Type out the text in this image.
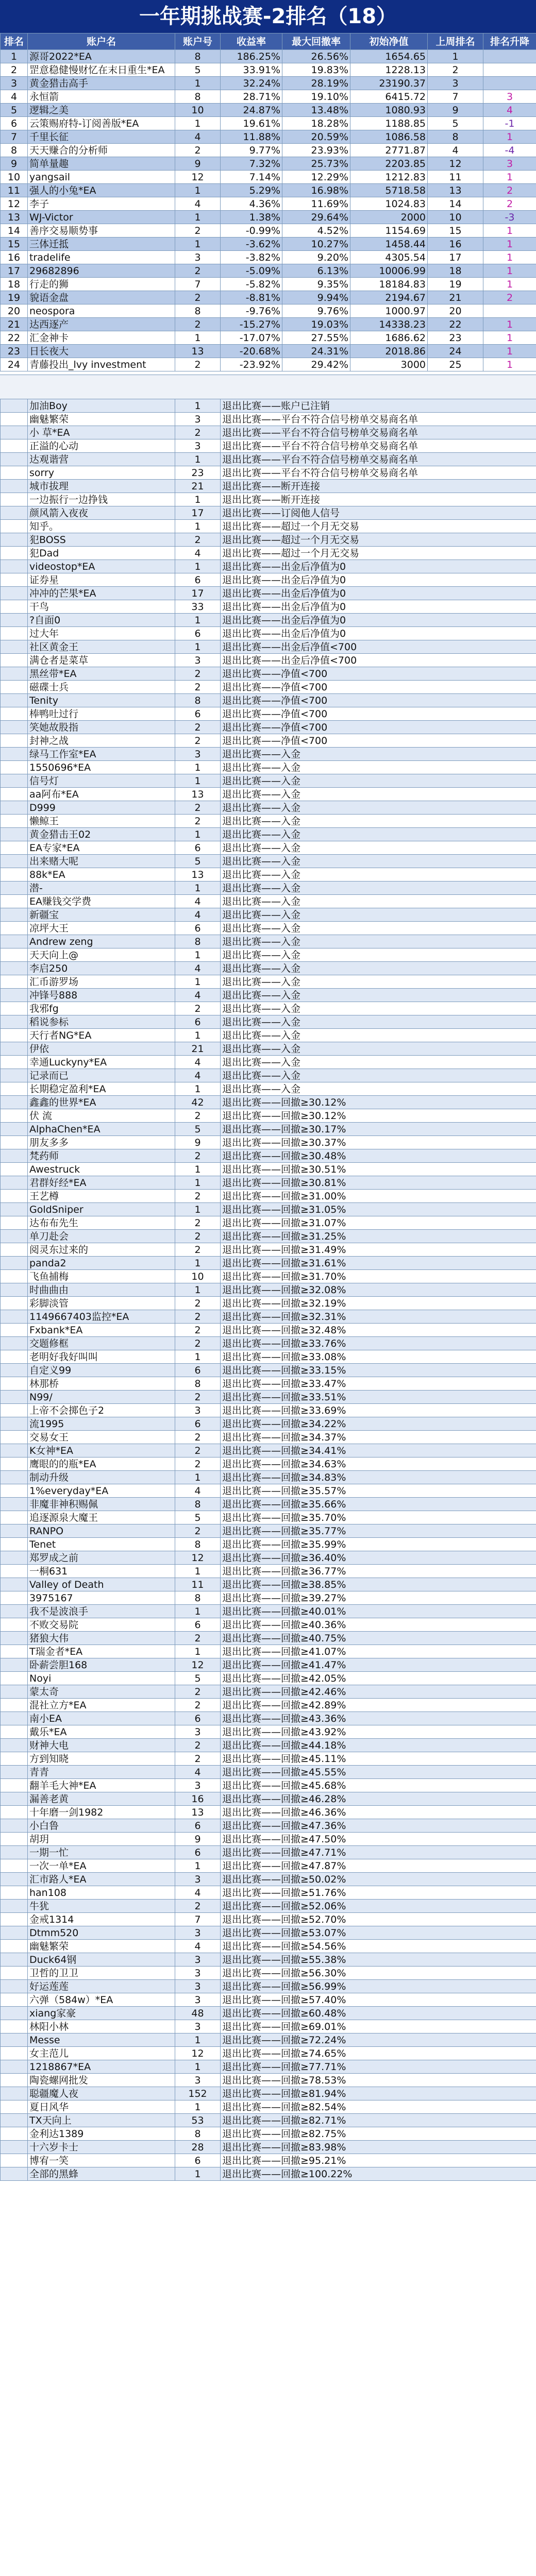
一年期挑战赛-2排名（18）
排名	账户名	账户号	收益率	最大回撤率	初始净值	上周排名	排名升降
1	源哥2022*EA	8	186.25%	26.56%	1654.65	1	
2	罡意稳健慢财忆在末日重生*EA	5	33.91%	19.83%	1228.13	2	
3	黄金猎击高手	1	32.24%	28.19%	23190.37	3	
4	永恒箭	8	28.71%	19.10%	6415.72	7	3
5	逻辑之美	10	24.87%	13.48%	1080.93	9	4
6	云策赐府特-订阅善版*EA	1	19.61%	18.28%	1188.85	5	-1
7	千里长征	4	11.88%	20.59%	1086.58	8	1
8	天天赚合的分析师	2	9.77%	23.93%	2771.87	4	-4
9	简单量趣	9	7.32%	25.73%	2203.85	12	3
10	yangsail	12	7.14%	12.29%	1212.83	11	1
11	强人的小兔*EA	1	5.29%	16.98%	5718.58	13	2
12	李子	4	4.36%	11.69%	1024.83	14	2
13	WJ-Victor	1	1.38%	29.64%	2000	10	-3
14	善序交易顺势事	2	-0.99%	4.52%	1154.69	15	1
15	三体迁抵	1	-3.62%	10.27%	1458.44	16	1
16	tradelife	3	-3.82%	9.20%	4305.54	17	1
17	29682896	2	-5.09%	6.13%	10006.99	18	1
18	行走的狮	7	-5.82%	9.35%	18184.83	19	1
19	貌语金盘	2	-8.81%	9.94%	2194.67	21	2
20	neospora	8	-9.76%	9.76%	1000.97	20	
21	达西逐产	2	-15.27%	19.03%	14338.23	22	1
22	汇金神卡	1	-17.07%	27.55%	1686.62	23	1
23	日长夜大	13	-20.68%	24.31%	2018.86	24	1
24	青藤投出_lvy investment	2	-23.92%	29.42%	3000	25	1
	加油Boy	1	退出比赛——账户已注销
	幽魅繁荣	3	退出比赛——平台不符合信号榜单交易商名单
	小 草*EA	2	退出比赛——平台不符合信号榜单交易商名单
	正溢的心动	3	退出比赛——平台不符合信号榜单交易商名单
	达观谐营	1	退出比赛——平台不符合信号榜单交易商名单
	sorry	23	退出比赛——平台不符合信号榜单交易商名单
	城市拔理	21	退出比赛——断开连接
	一边振行一边挣钱	1	退出比赛——断开连接
	颜风箭入夜夜	17	退出比赛——订阅他人信号
	知乎。	1	退出比赛——超过一个月无交易
	犯BOSS	2	退出比赛——超过一个月无交易
	犯Dad	4	退出比赛——超过一个月无交易
	videostop*EA	1	退出比赛——出金后净值为0
	证券星	6	退出比赛——出金后净值为0
	冲冲的芒果*EA	17	退出比赛——出金后净值为0
	干鸟	33	退出比赛——出金后净值为0
	?自面0	1	退出比赛——出金后净值为0
	过大年	6	退出比赛——出金后净值为0
	社区黄金王	1	退出比赛——出金后净值<700
	满仓者是菜草	3	退出比赛——出金后净值<700
	黑丝带*EA	2	退出比赛——净值<700
	磁碟士兵	2	退出比赛——净值<700
	Tenity	8	退出比赛——净值<700
	棒鸭吐过行	6	退出比赛——净值<700
	笑她故股指	2	退出比赛——净值<700
	封神之战	2	退出比赛——净值<700
	绿马工作室*EA	3	退出比赛——入金
	1550696*EA	1	退出比赛——入金
	信号灯	1	退出比赛——入金
	aa阿布*EA	13	退出比赛——入金
	D999	2	退出比赛——入金
	懒鲸王	2	退出比赛——入金
	黄金猎击王02	1	退出比赛——入金
	EA专家*EA	6	退出比赛——入金
	出来赌大呢	5	退出比赛——入金
	88k*EA	13	退出比赛——入金
	潜-	1	退出比赛——入金
	EA赚钱交学费	4	退出比赛——入金
	新疆宝	4	退出比赛——入金
	凉坪大王	6	退出比赛——入金
	Andrew zeng	8	退出比赛——入金
	天天向上@	1	退出比赛——入金
	李启250	4	退出比赛——入金
	汇币游罗场	1	退出比赛——入金
	冲锋号888	4	退出比赛——入金
	我邪fg	2	退出比赛——入金
	稻说参标	6	退出比赛——入金
	天行者NG*EA	1	退出比赛——入金
	伊依	21	退出比赛——入金
	幸通Luckyny*EA	4	退出比赛——入金
	记录而已	4	退出比赛——入金
	长期稳定盈利*EA	1	退出比赛——入金
	鑫鑫的世界*EA	42	退出比赛——回撤≥30.12%
	伏 流	2	退出比赛——回撤≥30.12%
	AlphaChen*EA	5	退出比赛——回撤≥30.17%
	朋友多多	9	退出比赛——回撤≥30.37%
	梵药师	2	退出比赛——回撤≥30.48%
	Awestruck	1	退出比赛——回撤≥30.51%
	君群好经*EA	1	退出比赛——回撤≥30.81%
	王艺樽	2	退出比赛——回撤≥31.00%
	GoldSniper	1	退出比赛——回撤≥31.05%
	达布布先生	2	退出比赛——回撤≥31.07%
	单刀赴会	2	退出比赛——回撤≥31.25%
	阅灵东过来的	2	退出比赛——回撤≥31.49%
	panda2	1	退出比赛——回撤≥31.61%
	飞鱼捕梅	10	退出比赛——回撤≥31.70%
	时曲曲由	1	退出比赛——回撤≥32.08%
	彩脚淡管	2	退出比赛——回撤≥32.19%
	1149667403监控*EA	2	退出比赛——回撤≥32.31%
	Fxbank*EA	2	退出比赛——回撤≥32.48%
	交题修框	2	退出比赛——回撤≥33.76%
	老明好我好叫叫	1	退出比赛——回撤≥33.08%
	自定义99	6	退出比赛——回撤≥33.15%
	林那桥	8	退出比赛——回撤≥33.47%
	N99/	2	退出比赛——回撤≥33.51%
	上帝不会掷色子2	3	退出比赛——回撤≥33.69%
	流1995	6	退出比赛——回撤≥34.22%
	交易女王	2	退出比赛——回撤≥34.37%
	K女神*EA	2	退出比赛——回撤≥34.41%
	鹰眼的的瓶*EA	2	退出比赛——回撤≥34.63%
	制动升级	1	退出比赛——回撤≥34.83%
	1%everyday*EA	4	退出比赛——回撤≥35.57%
	非魔非神积赐佩	8	退出比赛——回撤≥35.66%
	追逐源泉大魔王	5	退出比赛——回撤≥35.70%
	RANPO	2	退出比赛——回撤≥35.77%
	Tenet	8	退出比赛——回撤≥35.99%
	郑罗成之前	12	退出比赛——回撤≥36.40%
	一桐631	1	退出比赛——回撤≥36.77%
	Valley of Death	11	退出比赛——回撤≥38.85%
	3975167	8	退出比赛——回撤≥39.27%
	我不是波浪手	1	退出比赛——回撤≥40.01%
	不败交易院	6	退出比赛——回撤≥40.36%
	猪狼大伟	2	退出比赛——回撤≥40.75%
	T瑞金者*EA	1	退出比赛——回撤≥41.07%
	卧薪尝胆168	12	退出比赛——回撤≥41.47%
	Noyi	5	退出比赛——回撤≥42.05%
	蒙太奇	2	退出比赛——回撤≥42.46%
	混社立方*EA	2	退出比赛——回撤≥42.89%
	南小EA	6	退出比赛——回撤≥43.36%
	戴乐*EA	3	退出比赛——回撤≥43.92%
	财神大电	2	退出比赛——回撤≥44.18%
	方到知晓	2	退出比赛——回撤≥45.11%
	青青	4	退出比赛——回撤≥45.55%
	翻羊毛大神*EA	3	退出比赛——回撤≥45.68%
	漏善老黄	16	退出比赛——回撤≥46.28%
	十年磨一剑1982	13	退出比赛——回撤≥46.36%
	小白鲁	6	退出比赛——回撤≥47.36%
	胡玥	9	退出比赛——回撤≥47.50%
	一期一忙	6	退出比赛——回撤≥47.71%
	一次一单*EA	1	退出比赛——回撤≥47.87%
	汇市路人*EA	3	退出比赛——回撤≥50.02%
	han108	4	退出比赛——回撤≥51.76%
	牛犹	2	退出比赛——回撤≥52.06%
	金戒1314	7	退出比赛——回撤≥52.70%
	Dtmm520	3	退出比赛——回撤≥53.07%
	幽魅繁荣	4	退出比赛——回撤≥54.56%
	Duck64钢	3	退出比赛——回撤≥55.38%
	卫哲的卫卫	3	退出比赛——回撤≥56.30%
	好运莲莲	3	退出比赛——回撤≥56.99%
	六弹（584w）*EA	3	退出比赛——回撤≥57.40%
	xiang家豪	48	退出比赛——回撤≥60.48%
	林阳小林	3	退出比赛——回撤≥69.01%
	Messe	1	退出比赛——回撤≥72.24%
	女主范儿	12	退出比赛——回撤≥74.65%
	1218867*EA	1	退出比赛——回撤≥77.71%
	陶瓷螺网批发	3	退出比赛——回撤≥78.53%
	聪疆魔人夜	152	退出比赛——回撤≥81.94%
	夏日风华	1	退出比赛——回撤≥82.54%
	TX天向上	53	退出比赛——回撤≥82.71%
	金利达1389	8	退出比赛——回撤≥82.75%
	十六岁卡士	28	退出比赛——回撤≥83.98%
	博宥一笑	6	退出比赛——回撤≥95.21%
	全部的黑蜂	1	退出比赛——回撤≥100.22%
